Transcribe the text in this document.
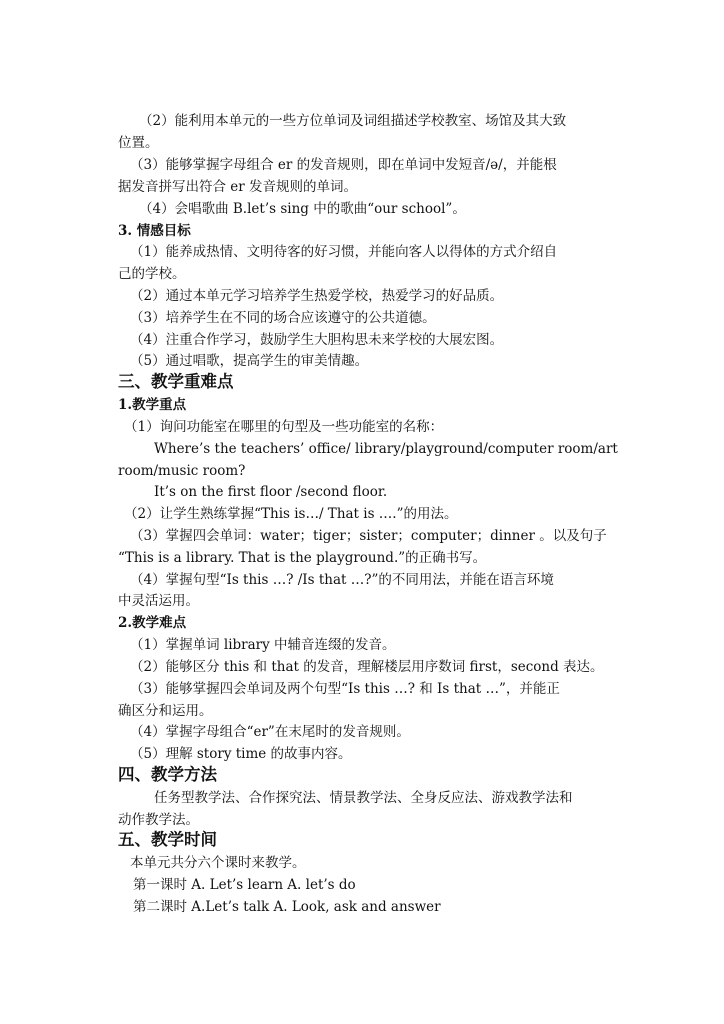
（2）能利用本单元的一些方位单词及词组描述学校教室、场馆及其大致
位置。
（3）能够掌握字母组合 er 的发音规则，即在单词中发短音/ə/，并能根
据发音拼写出符合 er 发音规则的单词。
（4）会唱歌曲 B.let’s sing 中的歌曲“our school”。
3. 情感目标
（1）能养成热情、文明待客的好习惯，并能向客人以得体的方式介绍自
己的学校。
（2）通过本单元学习培养学生热爱学校，热爱学习的好品质。
（3）培养学生在不同的场合应该遵守的公共道德。
（4）注重合作学习，鼓励学生大胆构思未来学校的大展宏图。
（5）通过唱歌，提高学生的审美情趣。
三、教学重难点
1.教学重点
（1）询问功能室在哪里的句型及一些功能室的名称：
Where’s the teachers’ office/ library/playground/computer room/art
room/music room?
It’s on the first floor /second floor.
（2）让学生熟练掌握“This is…/ That is ….”的用法。
（3）掌握四会单词：water；tiger；sister；computer；dinner 。以及句子
“This is a library. That is the playground.”的正确书写。
（4）掌握句型“Is this …? /Is that …?”的不同用法，并能在语言环境
中灵活运用。
2.教学难点
（1）掌握单词 library 中辅音连缀的发音。
（2）能够区分 this 和 that 的发音，理解楼层用序数词 first，second 表达。
（3）能够掌握四会单词及两个句型“Is this …? 和 Is that …”，并能正
确区分和运用。
（4）掌握字母组合“er”在末尾时的发音规则。
（5）理解 story time 的故事内容。
四、教学方法
任务型教学法、合作探究法、情景教学法、全身反应法、游戏教学法和
动作教学法。
五、教学时间
本单元共分六个课时来教学。
第一课时 A. Let’s learn A. let’s do
第二课时 A.Let’s talk A. Look, ask and answer
